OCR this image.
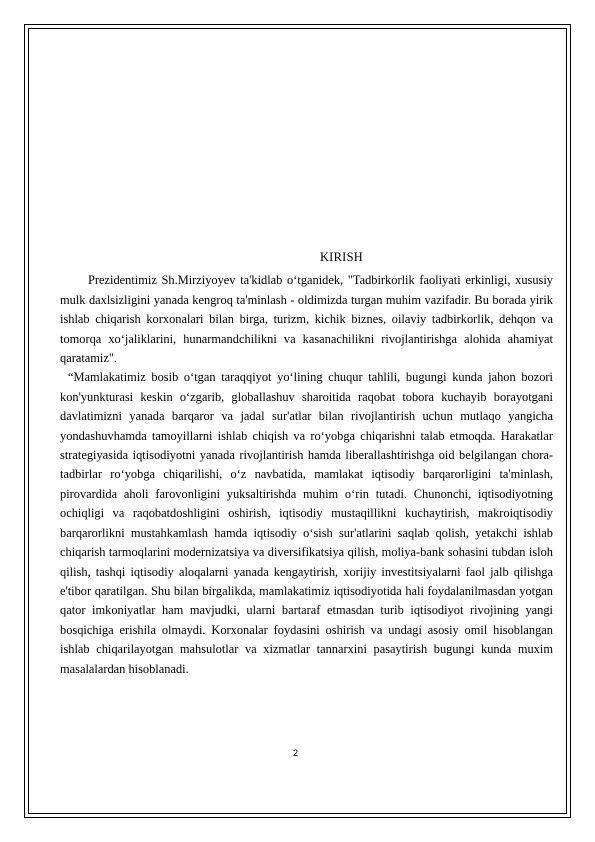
KIRISH

Prezidentimiz Sh.Mirziyoyev ta'kidlab o‘tganidek, "Tadbirkorlik faoliyati erkinligi, xususiy mulk daxlsizligini yanada kengroq ta'minlash - oldimizda turgan muhim vazifadir. Bu borada yirik ishlab chiqarish korxonalari bilan birga, turizm, kichik biznes, oilaviy tadbirkorlik, dehqon va tomorqa xo‘jaliklarini, hunarmandchilikni va kasanachilikni rivojlantirishga alohida ahamiyat qaratamiz".

“Mamlakatimiz bosib o‘tgan taraqqiyot yo‘lining chuqur tahlili, bugungi kunda jahon bozori kon'yunkturasi keskin o‘zgarib, globallashuv sharoitida raqobat tobora kuchayib borayotgani davlatimizni yanada barqaror va jadal sur'atlar bilan rivojlantirish uchun mutlaqo yangicha yondashuvhamda tamoyillarni ishlab chiqish va ro‘yobga chiqarishni talab etmoqda. Harakatlar strategiyasida iqtisodiyotni yanada rivojlantirish hamda liberallashtirishga oid belgilangan chora-tadbirlar ro‘yobga chiqarilishi, o‘z navbatida, mamlakat iqtisodiy barqarorligini ta'minlash, pirovardida aholi farovonligini yuksaltirishda muhim o‘rin tutadi. Chunonchi, iqtisodiyotning ochiqligi va raqobatdoshligini oshirish, iqtisodiy mustaqillikni kuchaytirish, makroiqtisodiy barqarorlikni mustahkamlash hamda iqtisodiy o‘sish sur'atlarini saqlab qolish, yetakchi ishlab chiqarish tarmoqlarini modernizatsiya va diversifikatsiya qilish, moliya-bank sohasini tubdan isloh qilish, tashqi iqtisodiy aloqalarni yanada kengaytirish, xorijiy investitsiyalarni faol jalb qilishga e'tibor qaratilgan. Shu bilan birgalikda, mamlakatimiz iqtisodiyotida hali foydalanilmasdan yotgan qator imkoniyatlar ham mavjudki, ularni bartaraf etmasdan turib iqtisodiyot rivojining yangi bosqichiga erishila olmaydi. Korxonalar foydasini oshirish va undagi asosiy omil hisoblangan ishlab chiqarilayotgan mahsulotlar va xizmatlar tannarxini pasaytirish bugungi kunda muxim masalalardan hisoblanadi.

2
